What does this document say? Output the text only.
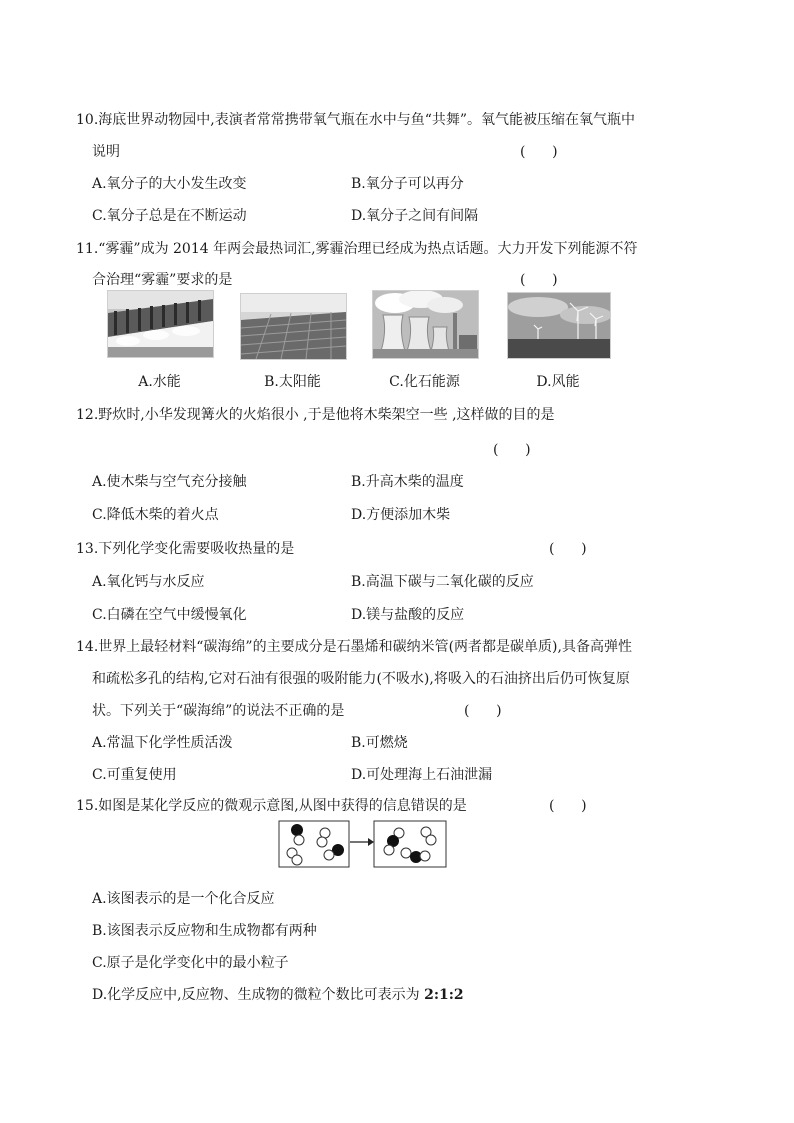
10.海底世界动物园中,表演者常常携带氧气瓶在水中与鱼“共舞”。氧气能被压缩在氧气瓶中
说明	(      )
A.氧分子的大小发生改变	B.氧分子可以再分
C.氧分子总是在不断运动	D.氧分子之间有间隔
11.“雾霾”成为 2014 年两会最热词汇,雾霾治理已经成为热点话题。大力开发下列能源不符
合治理“雾霾”要求的是	(      )
A.水能	B.太阳能	C.化石能源	D.风能
12.野炊时,小华发现篝火的火焰很小 ,于是他将木柴架空一些 ,这样做的目的是
(      )
A.使木柴与空气充分接触	B.升高木柴的温度
C.降低木柴的着火点	D.方便添加木柴
13.下列化学变化需要吸收热量的是	(      )
A.氧化钙与水反应	B.高温下碳与二氧化碳的反应
C.白磷在空气中缓慢氧化	D.镁与盐酸的反应
14.世界上最轻材料“碳海绵”的主要成分是石墨烯和碳纳米管(两者都是碳单质),具备高弹性
和疏松多孔的结构,它对石油有很强的吸附能力(不吸水),将吸入的石油挤出后仍可恢复原
状。下列关于“碳海绵”的说法不正确的是	(      )
A.常温下化学性质活泼	B.可燃烧
C.可重复使用	D.可处理海上石油泄漏
15.如图是某化学反应的微观示意图,从图中获得的信息错误的是	(      )
A.该图表示的是一个化合反应
B.该图表示反应物和生成物都有两种
C.原子是化学变化中的最小粒子
D.化学反应中,反应物、生成物的微粒个数比可表示为 2:1:2
